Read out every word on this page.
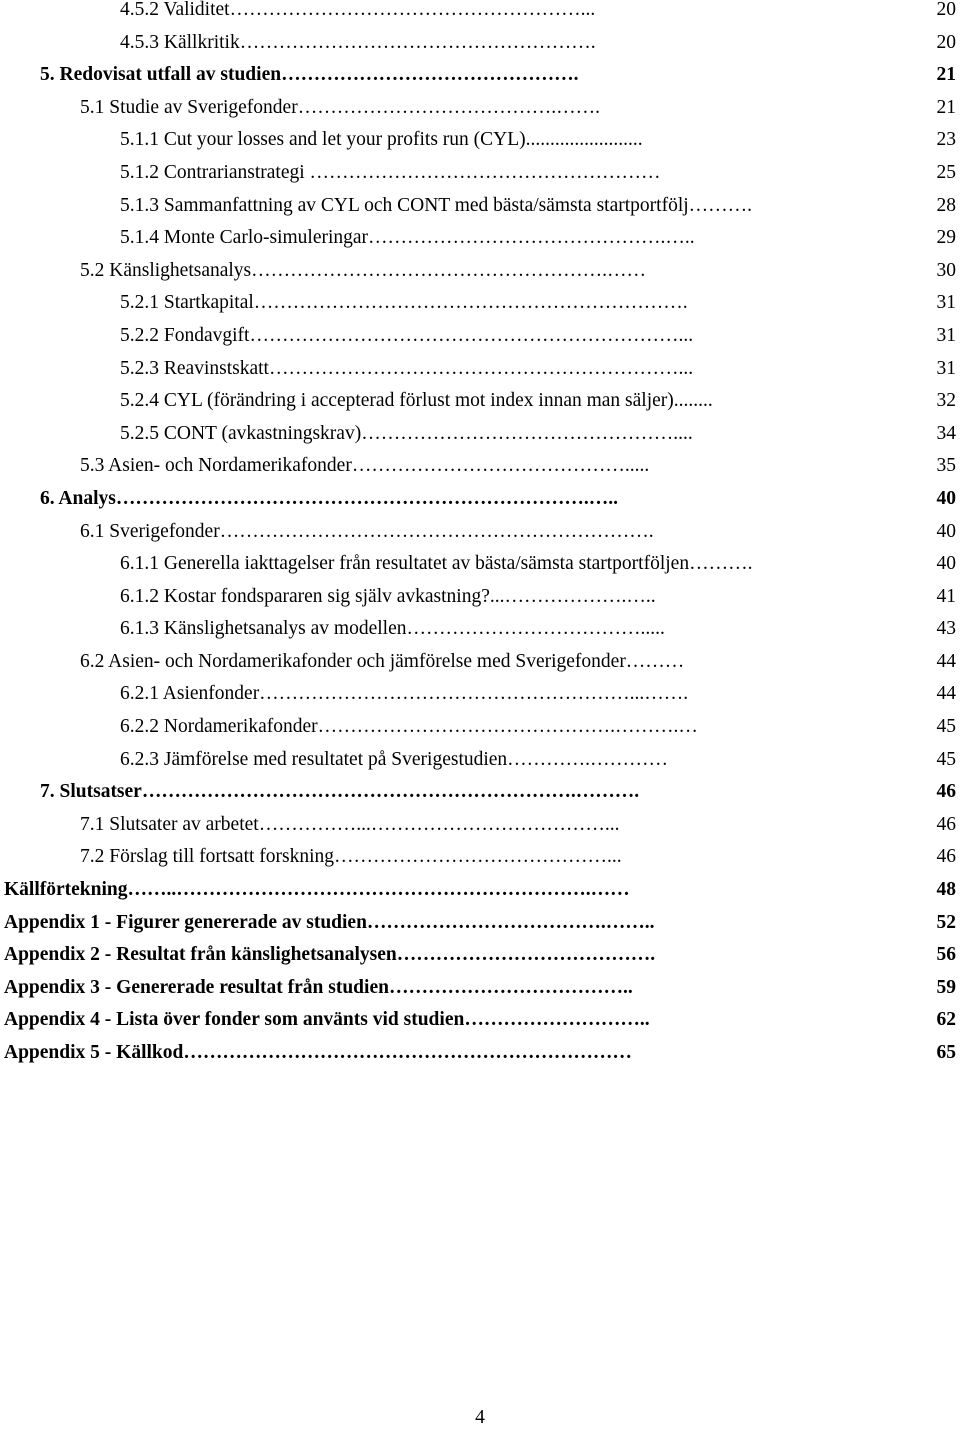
4.5.2 Validitet………………………………………………...	20
4.5.3 Källkritik……………………………………………….	20
5. Redovisat utfall av studien……………………………………….	21
5.1 Studie av Sverigefonder………………………………….…….	21
5.1.1 Cut your losses and let your profits run (CYL)........................	23
5.1.2 Contrarianstrategi ………………………………………………	25
5.1.3 Sammanfattning av CYL och CONT med bästa/sämsta startportfölj……….	28
5.1.4 Monte Carlo-simuleringar……………………………………….…..	29
5.2 Känslighetsanalys……………………………………………….……	30
5.2.1 Startkapital………………………………………………………….	31
5.2.2 Fondavgift…………………………………………………………...	31
5.2.3 Reavinstskatt………………………………………………………...	31
5.2.4 CYL (förändring i accepterad förlust mot index innan man säljer)........	32
5.2.5 CONT (avkastningskrav)…………………………………………....	34
5.3 Asien- och Nordamerikafonder…………………………………….....	35
6. Analys……………………………………………………………….…..	40
6.1 Sverigefonder………………………………………………………….	40
6.1.1 Generella iakttagelser från resultatet av bästa/sämsta startportföljen……….	40
6.1.2 Kostar fondspararen sig själv avkastning?...……………….…..	41
6.1.3 Känslighetsanalys av modellen……………………………….....	43
6.2 Asien- och Nordamerikafonder och jämförelse med Sverigefonder………	44
6.2.1 Asienfonder…………………………………………………...…….	44
6.2.2 Nordamerikafonder……………………………………….……….…	45
6.2.3 Jämförelse med resultatet på Sverigestudien………….…………	45
7. Slutsatser………………………………………………………….……….	46
7.1 Slutsater av arbetet……………...………………………………...	46
7.2 Förslag till fortsatt forskning……………………………………...	46
Källförtekning……..……………………………………………………….……	48
Appendix 1 - Figurer genererade av studien……………………………….……..	52
Appendix 2 - Resultat från känslighetsanalysen………………………………….	56
Appendix 3 - Genererade resultat från studien………………………………..	59
Appendix 4 - Lista över fonder som använts vid studien………………………..	62
Appendix 5 - Källkod……………………………………………………………	65
4
